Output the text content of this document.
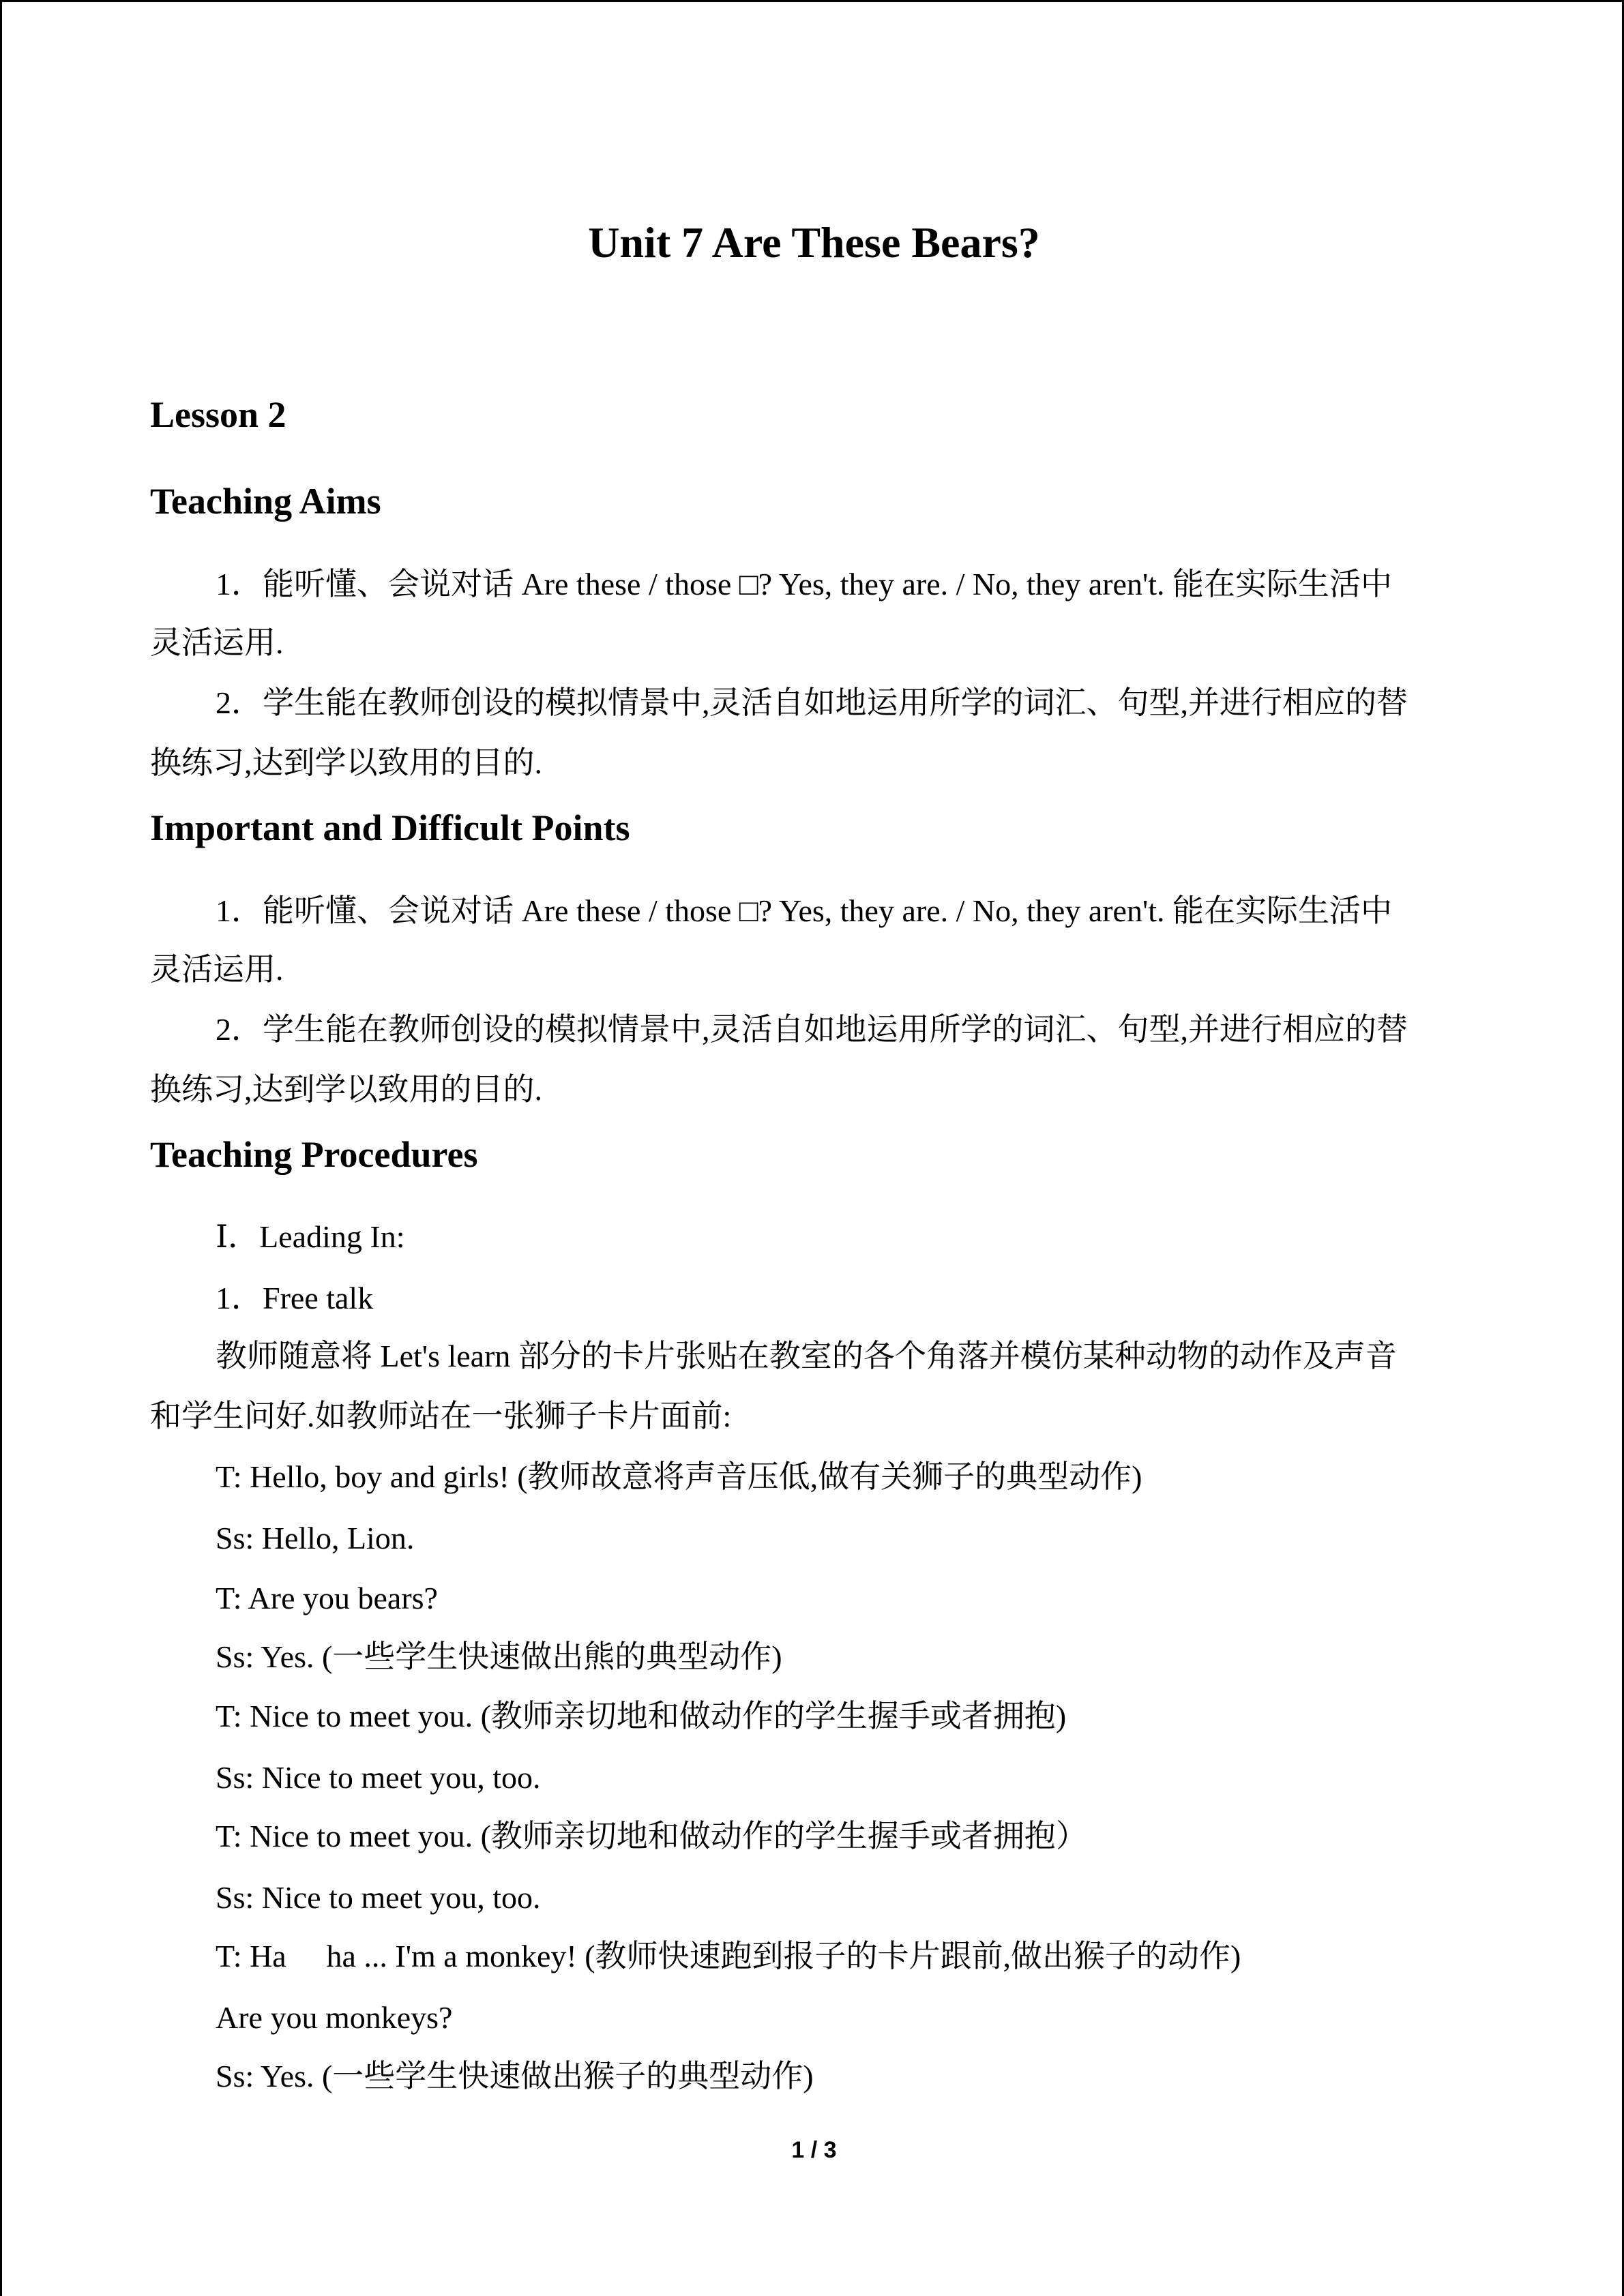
Unit 7 Are These Bears?
Lesson 2
Teaching Aims

1．能听懂、会说对话 Are these / those □? Yes, they are. / No, they aren't. 能在实际生活中

灵活运用.

2．学生能在教师创设的模拟情景中,灵活自如地运用所学的词汇、句型,并进行相应的替

换练习,达到学以致用的目的.

Important and Difficult Points

1．能听懂、会说对话 Are these / those □? Yes, they are. / No, they aren't. 能在实际生活中

灵活运用.

2．学生能在教师创设的模拟情景中,灵活自如地运用所学的词汇、句型,并进行相应的替

换练习,达到学以致用的目的.

Teaching Procedures

Ⅰ．Leading In:

1．Free talk

教师随意将 Let's learn 部分的卡片张贴在教室的各个角落并模仿某种动物的动作及声音

和学生问好.如教师站在一张狮子卡片面前:

T: Hello, boy and girls! (教师故意将声音压低,做有关狮子的典型动作)

Ss: Hello, Lion.

T: Are you bears?

Ss: Yes. (一些学生快速做出熊的典型动作)

T: Nice to meet you. (教师亲切地和做动作的学生握手或者拥抱)

Ss: Nice to meet you, too.

T: Nice to meet you. (教师亲切地和做动作的学生握手或者拥抱）

Ss: Nice to meet you, too.

T: Ha   ha ... I'm a monkey! (教师快速跑到报子的卡片跟前,做出猴子的动作)

Are you monkeys?

Ss: Yes. (一些学生快速做出猴子的典型动作)

1 / 3
